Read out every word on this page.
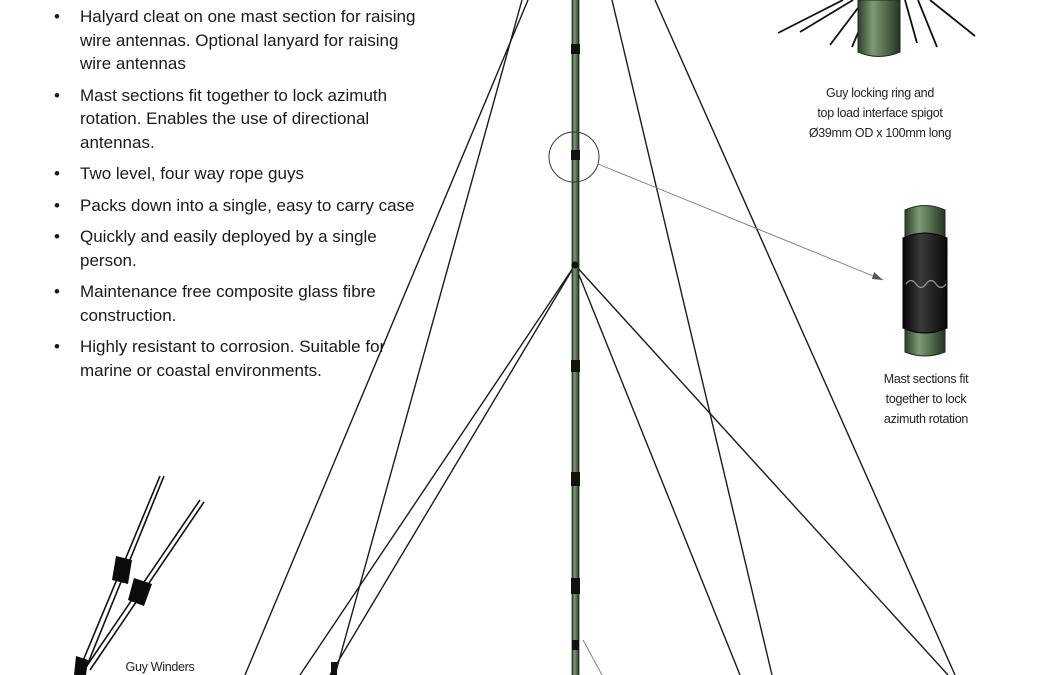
• Halyard cleat on one mast section for raising wire antennas. Optional lanyard for raising wire antennas
• Mast sections fit together to lock azimuth rotation. Enables the use of directional antennas.
• Two level, four way rope guys
• Packs down into a single, easy to carry case
• Quickly and easily deployed by a single person.
• Maintenance free composite glass fibre construction.
• Highly resistant to corrosion. Suitable for marine or coastal environments.
Guy locking ring and
top load interface spigot
Ø39mm OD x 100mm long
Mast sections fit
together to lock
azimuth rotation
Guy Winders
